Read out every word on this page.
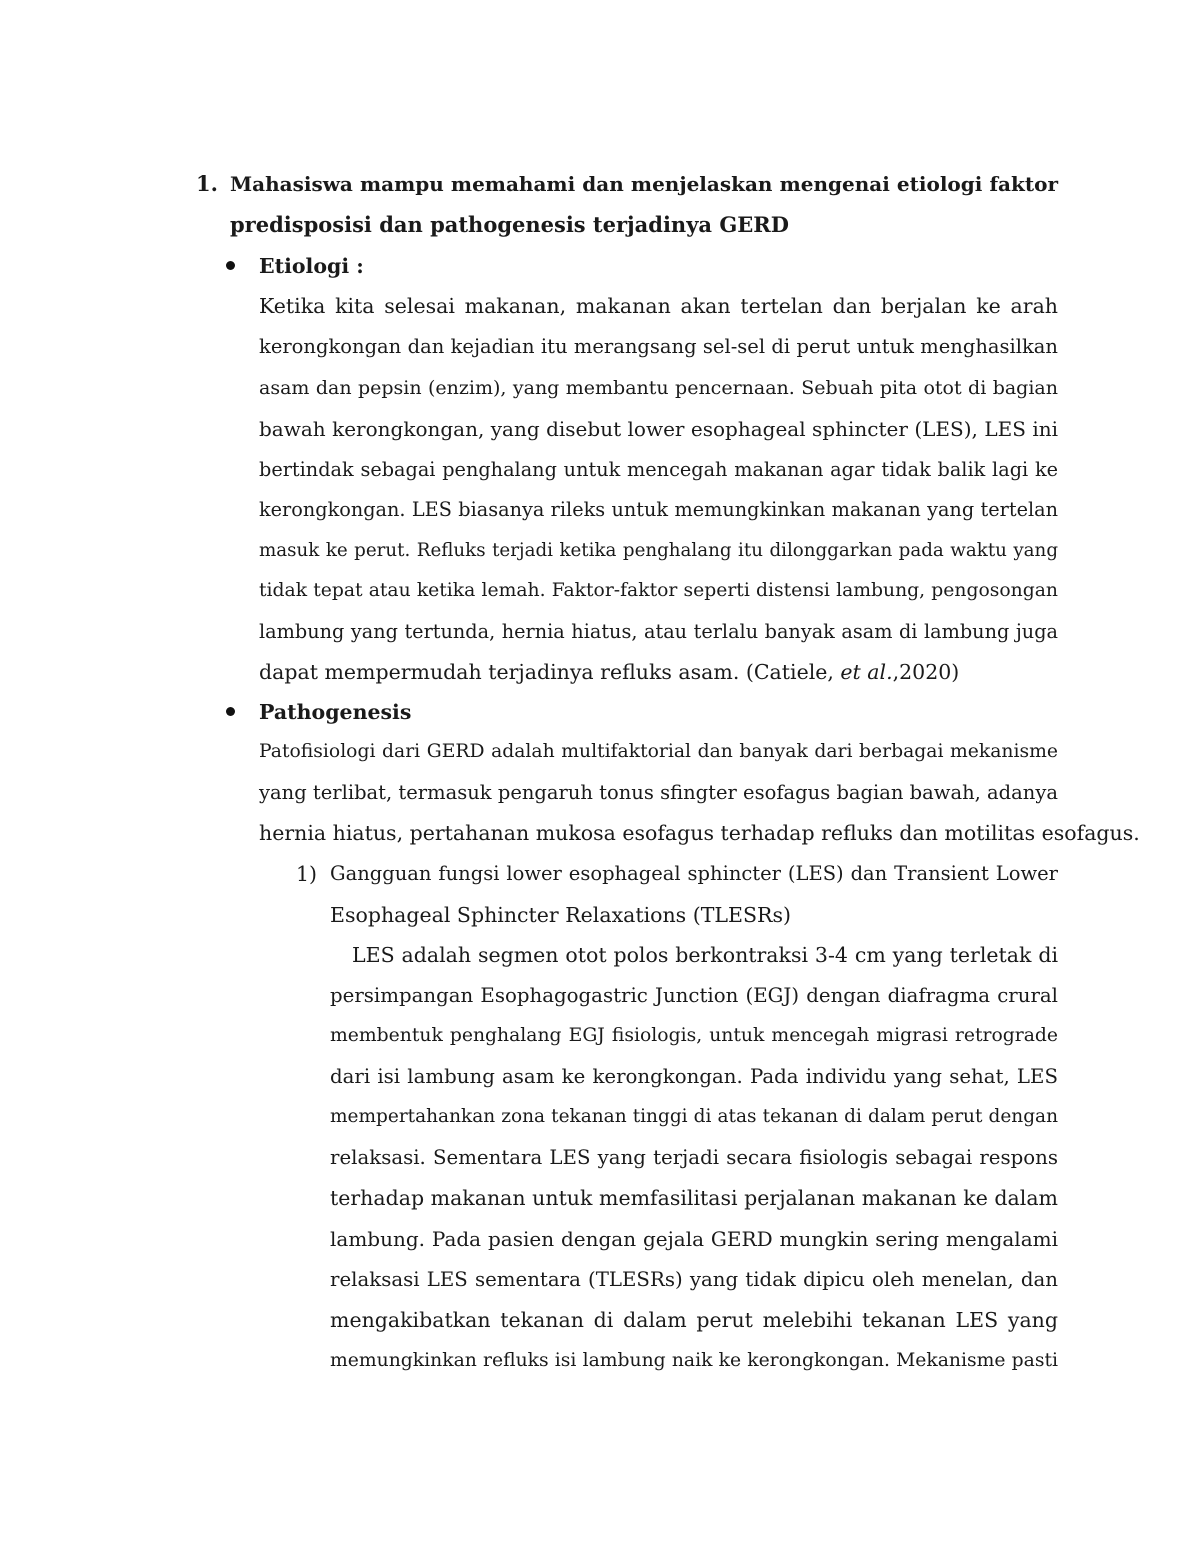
1. Mahasiswa mampu memahami dan menjelaskan mengenai etiologi faktor
predisposisi dan pathogenesis terjadinya GERD
Etiologi :
Ketika kita selesai makanan, makanan akan tertelan dan berjalan ke arah
kerongkongan dan kejadian itu merangsang sel-sel di perut untuk menghasilkan
asam dan pepsin (enzim), yang membantu pencernaan. Sebuah pita otot di bagian
bawah kerongkongan, yang disebut lower esophageal sphincter (LES), LES ini
bertindak sebagai penghalang untuk mencegah makanan agar tidak balik lagi ke
kerongkongan. LES biasanya rileks untuk memungkinkan makanan yang tertelan
masuk ke perut. Refluks terjadi ketika penghalang itu dilonggarkan pada waktu yang
tidak tepat atau ketika lemah. Faktor-faktor seperti distensi lambung, pengosongan
lambung yang tertunda, hernia hiatus, atau terlalu banyak asam di lambung juga
dapat mempermudah terjadinya refluks asam. (Catiele, et al.,2020)
Pathogenesis
Patofisiologi dari GERD adalah multifaktorial dan banyak dari berbagai mekanisme
yang terlibat, termasuk pengaruh tonus sfingter esofagus bagian bawah, adanya
hernia hiatus, pertahanan mukosa esofagus terhadap refluks dan motilitas esofagus.
1) Gangguan fungsi lower esophageal sphincter (LES) dan Transient Lower
Esophageal Sphincter Relaxations (TLESRs)
LES adalah segmen otot polos berkontraksi 3-4 cm yang terletak di
persimpangan Esophagogastric Junction (EGJ) dengan diafragma crural
membentuk penghalang EGJ fisiologis, untuk mencegah migrasi retrograde
dari isi lambung asam ke kerongkongan. Pada individu yang sehat, LES
mempertahankan zona tekanan tinggi di atas tekanan di dalam perut dengan
relaksasi. Sementara LES yang terjadi secara fisiologis sebagai respons
terhadap makanan untuk memfasilitasi perjalanan makanan ke dalam
lambung. Pada pasien dengan gejala GERD mungkin sering mengalami
relaksasi LES sementara (TLESRs) yang tidak dipicu oleh menelan, dan
mengakibatkan tekanan di dalam perut melebihi tekanan LES yang
memungkinkan refluks isi lambung naik ke kerongkongan. Mekanisme pasti
